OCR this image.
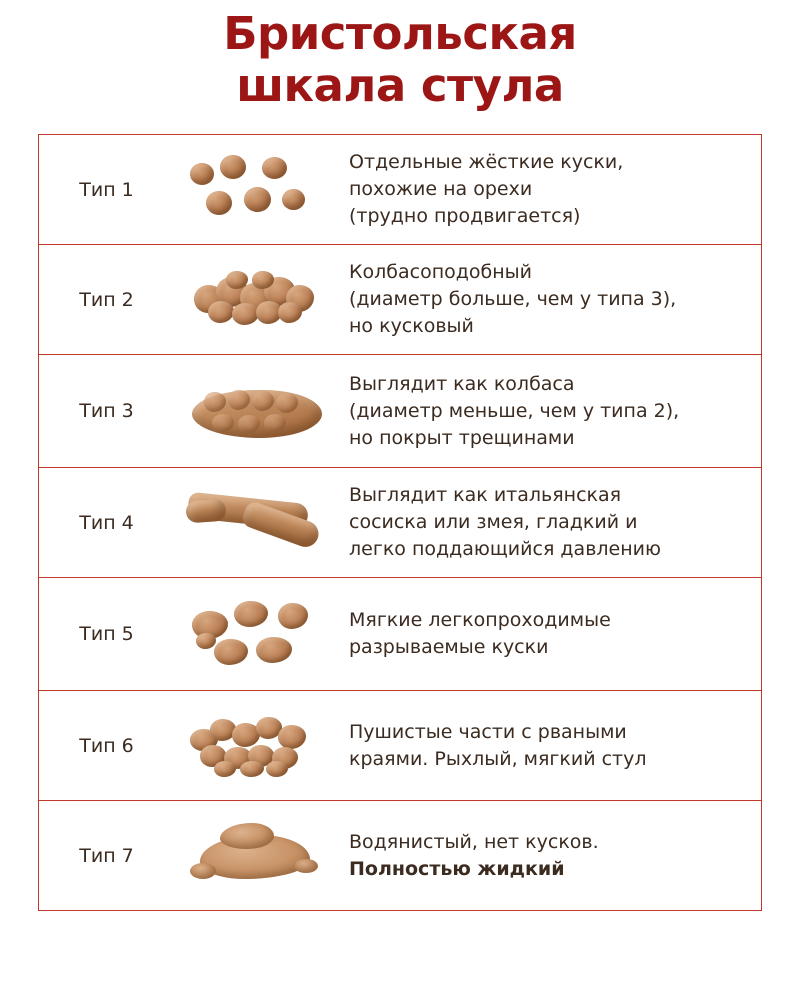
Бристольская
шкала стула
Тип 1
Отдельные жёсткие куски,
похожие на орехи
(трудно продвигается)
Тип 2
Колбасоподобный
(диаметр больше, чем у типа 3),
но кусковый
Тип 3
Выглядит как колбаса
(диаметр меньше, чем у типа 2),
но покрыт трещинами
Тип 4
Выглядит как итальянская
сосиска или змея, гладкий и
легко поддающийся давлению
Тип 5
Мягкие легкопроходимые
разрываемые куски
Тип 6
Пушистые части с рваными
краями. Рыхлый, мягкий стул
Тип 7
Водянистый, нет кусков.
Полностью жидкий
